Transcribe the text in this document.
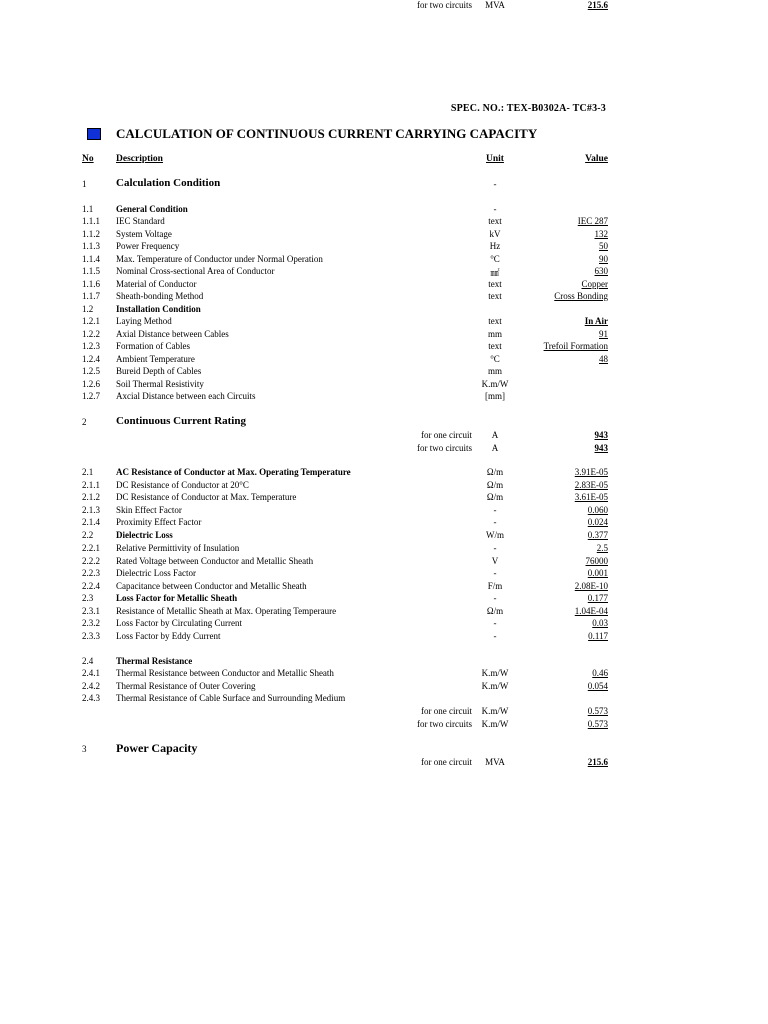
SPEC. NO.: TEX-B0302A- TC#3-3
CALCULATION OF CONTINUOUS CURRENT CARRYING CAPACITY
No Description	Unit	Value
1	Calculation Condition	-
1.1	General Condition	-
1.1.1 IEC Standard	text	IEC 287
1.1.2 System Voltage	kV	132
1.1.3 Power Frequency	Hz	50
1.1.4 Max. Temperature of Conductor under Normal Operation	°C	90
1.1.5 Nominal Cross-sectional Area of Conductor	㎟	630
1.1.6 Material of Conductor	text	Copper
1.1.7 Sheath-bonding Method	text	Cross Bonding
1.2	Installation Condition
1.2.1 Laying Method	text	In Air
1.2.2 Axial Distance between Cables	mm	91
1.2.3 Formation of Cables	text	Trefoil Formation
1.2.4 Ambient Temperature	°C	48
1.2.5 Bureid Depth of Cables	mm
1.2.6 Soil Thermal Resistivity	K.m/W
1.2.7 Axcial Distance between each Circuits	[mm]
2	Continuous Current Rating
for one circuit	A	943
for two circuits	A	943
2.1	AC Resistance of Conductor at Max. Operating Temperature	Ω/m	3.91E-05
2.1.1 DC Resistance of Conductor at 20°C	Ω/m	2.83E-05
2.1.2 DC Resistance of Conductor at Max. Temperature	Ω/m	3.61E-05
2.1.3 Skin Effect Factor	-	0.060
2.1.4 Proximity Effect Factor	-	0.024
2.2	Dielectric Loss	W/m	0.377
2.2.1 Relative Permittivity of Insulation	-	2.5
2.2.2 Rated Voltage between Conductor and Metallic Sheath	V	76000
2.2.3 Dielectric Loss Factor	-	0.001
2.2.4 Capacitance between Conductor and Metallic Sheath	F/m	2.08E-10
2.3	Loss Factor for Metallic Sheath	-	0.177
2.3.1 Resistance of Metallic Sheath at Max. Operating Temperaure	Ω/m	1.04E-04
2.3.2 Loss Factor by Circulating Current	-	0.03
2.3.3 Loss Factor by Eddy Current	-	0.117
2.4	Thermal Resistance
2.4.1 Thermal Resistance between Conductor and Metallic Sheath	K.m/W	0.46
2.4.2 Thermal Resistance of Outer Covering	K.m/W	0.054
2.4.3 Thermal Resistance of Cable Surface and Surrounding Medium
for one circuit	K.m/W	0.573
for two circuits	K.m/W	0.573
3 Power Capacity
for one circuit	MVA	215.6
for two circuits	MVA	215.6
